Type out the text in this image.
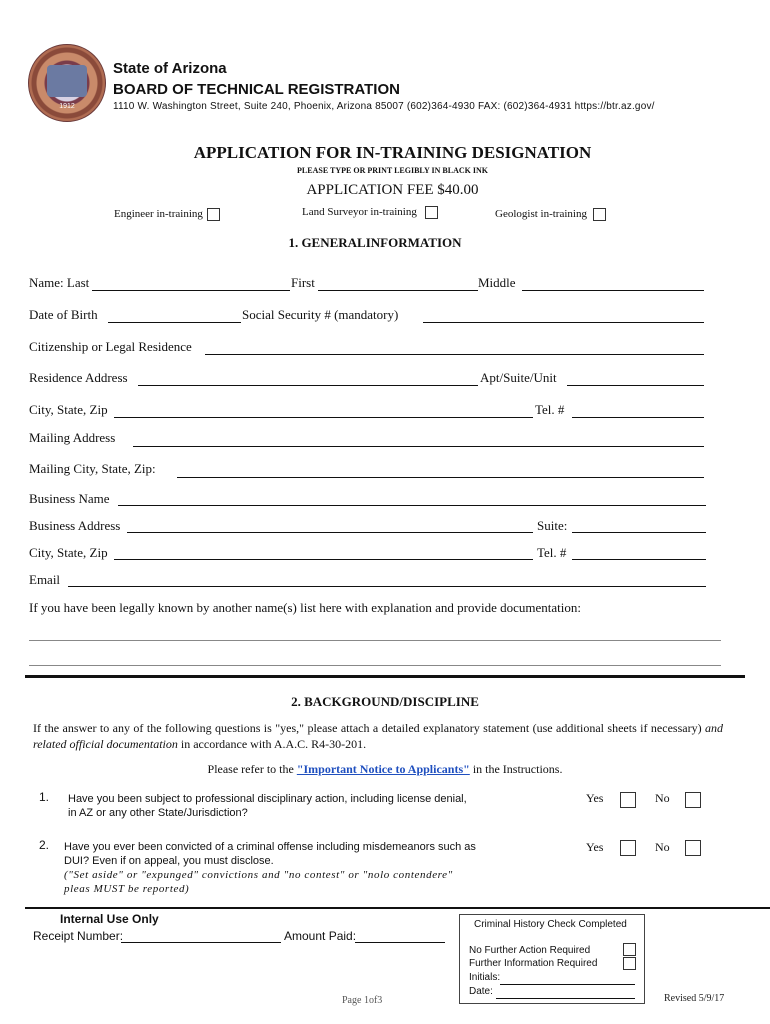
1912
State of Arizona
BOARD OF TECHNICAL REGISTRATION
1110 W. Washington Street, Suite 240, Phoenix, Arizona 85007 (602)364-4930 FAX: (602)364-4931 https://btr.az.gov/
APPLICATION FOR IN-TRAINING DESIGNATION
PLEASE TYPE OR PRINT LEGIBLY IN BLACK INK
APPLICATION FEE $40.00
Engineer in-training	Land Surveyor in-training	Geologist in-training
1. GENERALINFORMATION
Name: Last	First	Middle
Date of Birth	Social Security # (mandatory)
Citizenship or Legal Residence
Residence Address	Apt/Suite/Unit
City, State, Zip	Tel. #
Mailing Address
Mailing City, State, Zip:
Business Name
Business Address	Suite:
City, State, Zip	Tel. #
Email
If you have been legally known by another name(s) list here with explanation and provide documentation:
2. BACKGROUND/DISCIPLINE
If the answer to any of the following questions is "yes," please attach a detailed explanatory statement (use additional sheets if necessary) and related official documentation in accordance with A.A.C. R4-30-201.
Please refer to the "Important Notice to Applicants" in the Instructions.
1. Have you been subject to professional disciplinary action, including license denial,
in AZ or any other State/Jurisdiction?
Yes	No
2. Have you ever been convicted of a criminal offense including misdemeanors such as
DUI? Even if on appeal, you must disclose.
("Set aside" or "expunged" convictions and "no contest" or "nolo contendere"
pleas MUST be reported)
Yes	No
Internal Use Only
Receipt Number:	Amount Paid:
Criminal History Check Completed
No Further Action Required
Further Information Required
Initials:
Date:
Page 1of3	Revised 5/9/17
